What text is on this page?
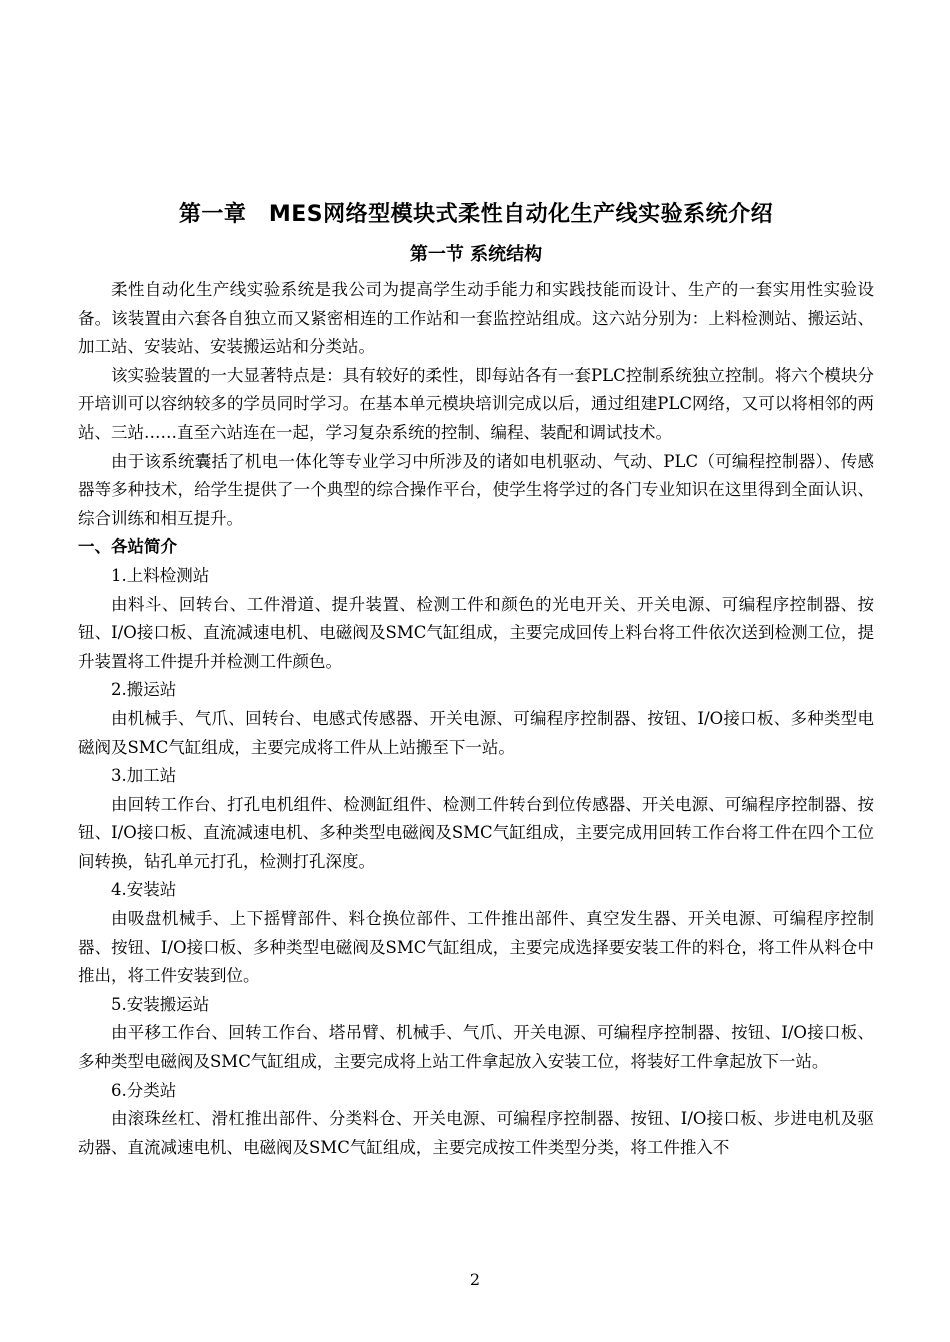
第一章　MES网络型模块式柔性自动化生产线实验系统介绍
第一节 系统结构

柔性自动化生产线实验系统是我公司为提高学生动手能力和实践技能而设计、生产的一套实用性实验设备。该装置由六套各自独立而又紧密相连的工作站和一套监控站组成。这六站分别为：上料检测站、搬运站、加工站、安装站、安装搬运站和分类站。

该实验装置的一大显著特点是：具有较好的柔性，即每站各有一套PLC控制系统独立控制。将六个模块分开培训可以容纳较多的学员同时学习。在基本单元模块培训完成以后，通过组建PLC网络，又可以将相邻的两站、三站……直至六站连在一起，学习复杂系统的控制、编程、装配和调试技术。

由于该系统囊括了机电一体化等专业学习中所涉及的诸如电机驱动、气动、PLC（可编程控制器）、传感器等多种技术，给学生提供了一个典型的综合操作平台，使学生将学过的各门专业知识在这里得到全面认识、综合训练和相互提升。

一、各站简介

1.上料检测站

由料斗、回转台、工件滑道、提升装置、检测工件和颜色的光电开关、开关电源、可编程序控制器、按钮、I/O接口板、直流减速电机、电磁阀及SMC气缸组成，主要完成回传上料台将工件依次送到检测工位，提升装置将工件提升并检测工件颜色。

2.搬运站

由机械手、气爪、回转台、电感式传感器、开关电源、可编程序控制器、按钮、I/O接口板、多种类型电磁阀及SMC气缸组成，主要完成将工件从上站搬至下一站。

3.加工站

由回转工作台、打孔电机组件、检测缸组件、检测工件转台到位传感器、开关电源、可编程序控制器、按钮、I/O接口板、直流减速电机、多种类型电磁阀及SMC气缸组成，主要完成用回转工作台将工件在四个工位间转换，钻孔单元打孔，检测打孔深度。

4.安装站

由吸盘机械手、上下摇臂部件、料仓换位部件、工件推出部件、真空发生器、开关电源、可编程序控制器、按钮、I/O接口板、多种类型电磁阀及SMC气缸组成，主要完成选择要安装工件的料仓，将工件从料仓中推出，将工件安装到位。

5.安装搬运站

由平移工作台、回转工作台、塔吊臂、机械手、气爪、开关电源、可编程序控制器、按钮、I/O接口板、多种类型电磁阀及SMC气缸组成，主要完成将上站工件拿起放入安装工位，将装好工件拿起放下一站。

6.分类站

由滚珠丝杠、滑杠推出部件、分类料仓、开关电源、可编程序控制器、按钮、I/O接口板、步进电机及驱动器、直流减速电机、电磁阀及SMC气缸组成，主要完成按工件类型分类，将工件推入不

2
